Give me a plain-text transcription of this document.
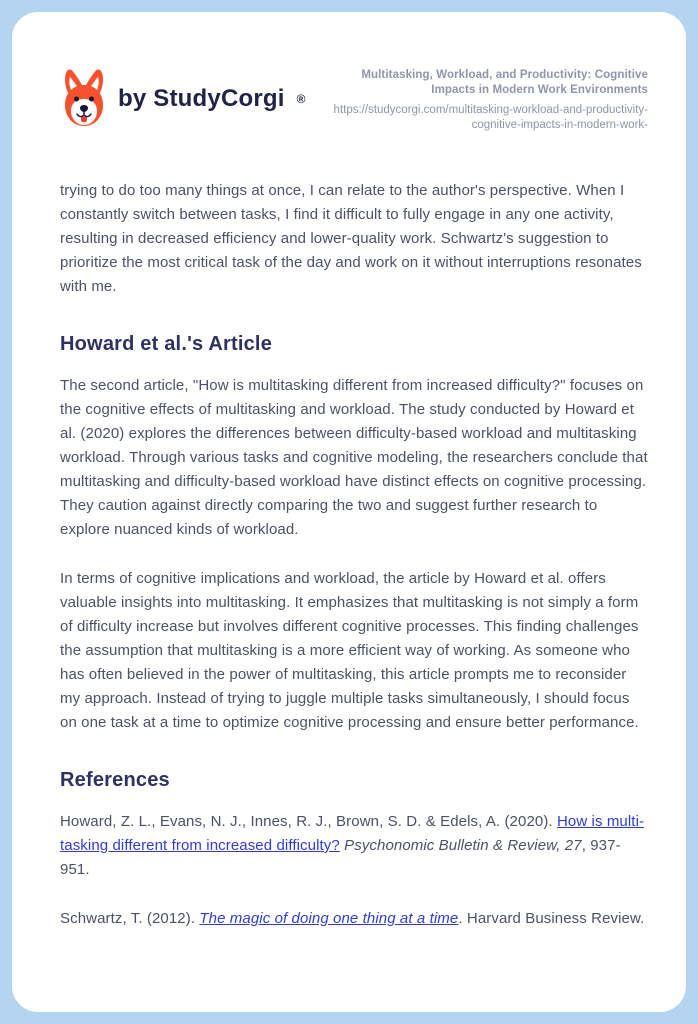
by StudyCorgi ®
Multitasking, Workload, and Productivity: Cognitive Impacts in Modern Work Environments
https://studycorgi.com/multitasking-workload-and-productivity-cognitive-impacts-in-modern-work-

trying to do too many things at once, I can relate to the author's perspective. When I constantly switch between tasks, I find it difficult to fully engage in any one activity, resulting in decreased efficiency and lower-quality work. Schwartz's suggestion to prioritize the most critical task of the day and work on it without interruptions resonates with me.

Howard et al.'s Article

The second article, "How is multitasking different from increased difficulty?" focuses on the cognitive effects of multitasking and workload. The study conducted by Howard et al. (2020) explores the differences between difficulty-based workload and multitasking workload. Through various tasks and cognitive modeling, the researchers conclude that multitasking and difficulty-based workload have distinct effects on cognitive processing. They caution against directly comparing the two and suggest further research to explore nuanced kinds of workload.

In terms of cognitive implications and workload, the article by Howard et al. offers valuable insights into multitasking. It emphasizes that multitasking is not simply a form of difficulty increase but involves different cognitive processes. This finding challenges the assumption that multitasking is a more efficient way of working. As someone who has often believed in the power of multitasking, this article prompts me to reconsider my approach. Instead of trying to juggle multiple tasks simultaneously, I should focus on one task at a time to optimize cognitive processing and ensure better performance.

References

Howard, Z. L., Evans, N. J., Innes, R. J., Brown, S. D. & Edels, A. (2020). How is multi-tasking different from increased difficulty? Psychonomic Bulletin & Review, 27, 937-951.

Schwartz, T. (2012). The magic of doing one thing at a time. Harvard Business Review.
